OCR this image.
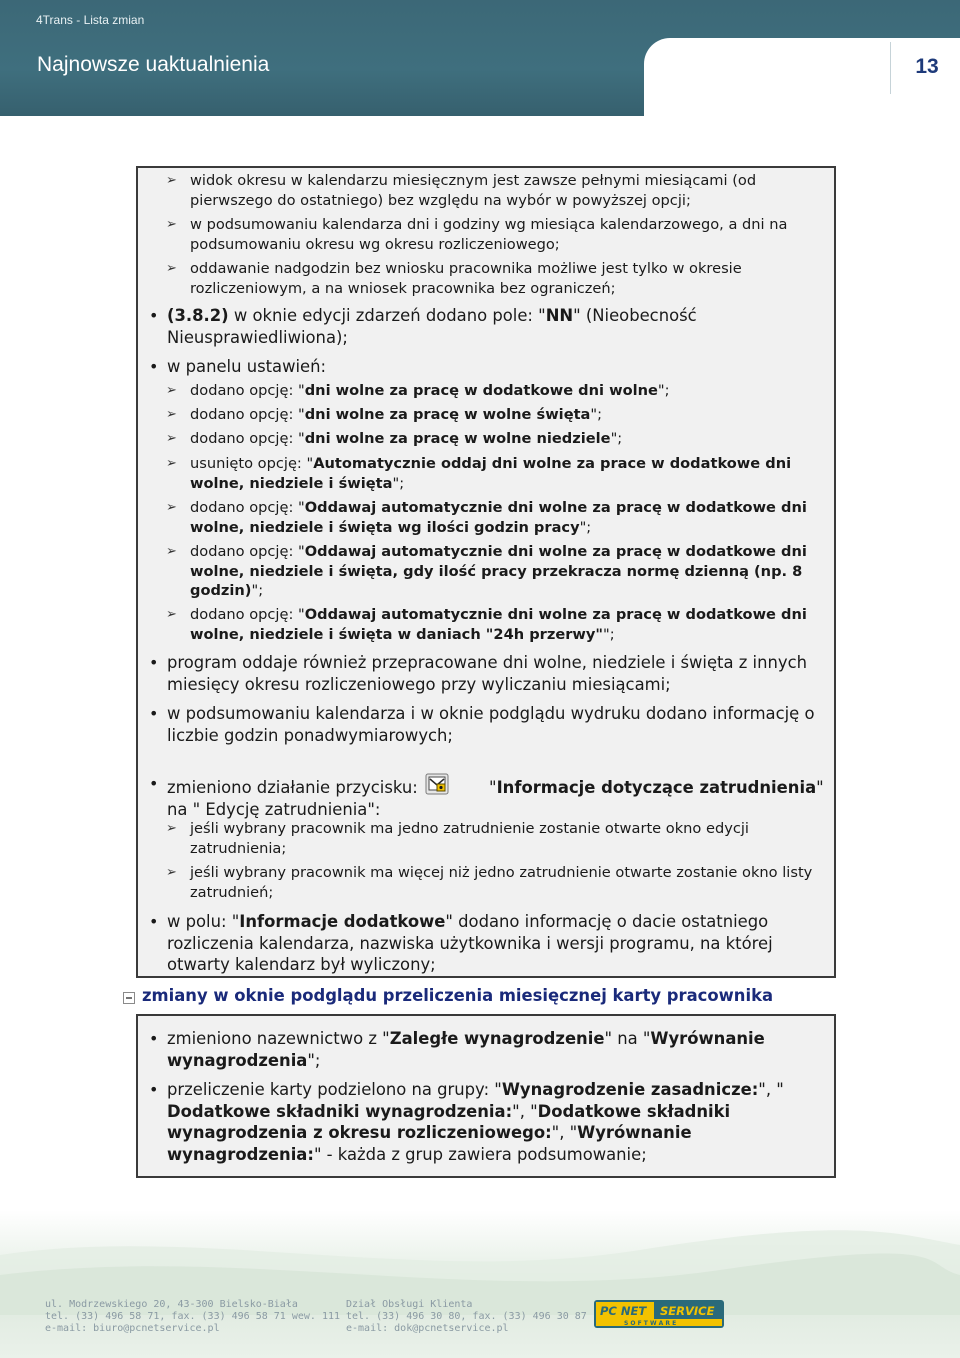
4Trans - Lista zmian
Najnowsze uaktualnienia	13
➢ widok okresu w kalendarzu miesięcznym jest zawsze pełnymi miesiącami (od pierwszego do ostatniego) bez względu na wybór w powyższej opcji;
➢ w podsumowaniu kalendarza dni i godziny wg miesiąca kalendarzowego, a dni na podsumowaniu okresu wg okresu rozliczeniowego;
➢ oddawanie nadgodzin bez wniosku pracownika możliwe jest tylko w okresie rozliczeniowym, a na wniosek pracownika bez ograniczeń;
• (3.8.2) w oknie edycji zdarzeń dodano pole: "NN" (Nieobecność Nieusprawiedliwiona);
• w panelu ustawień:
➢ dodano opcję: "dni wolne za pracę w dodatkowe dni wolne";
➢ dodano opcję: "dni wolne za pracę w wolne święta";
➢ dodano opcję: "dni wolne za pracę w wolne niedziele";
➢ usunięto opcję: "Automatycznie oddaj dni wolne za prace w dodatkowe dni wolne, niedziele i święta";
➢ dodano opcję: "Oddawaj automatycznie dni wolne za pracę w dodatkowe dni wolne, niedziele i święta wg ilości godzin pracy";
➢ dodano opcję: "Oddawaj automatycznie dni wolne za pracę w dodatkowe dni wolne, niedziele i święta, gdy ilość pracy przekracza normę dzienną (np. 8 godzin)";
➢ dodano opcję: "Oddawaj automatycznie dni wolne za pracę w dodatkowe dni wolne, niedziele i święta w daniach "24h przerwy"";
• program oddaje również przepracowane dni wolne, niedziele i święta z innych miesięcy okresu rozliczeniowego przy wyliczaniu miesiącami;
• w podsumowaniu kalendarza i w oknie podglądu wydruku dodano informację o liczbie godzin ponadwymiarowych;
• zmieniono działanie przycisku:	"Informacje dotyczące zatrudnienia" na " Edycję zatrudnienia":
➢ jeśli wybrany pracownik ma jedno zatrudnienie zostanie otwarte okno edycji zatrudnienia;
➢ jeśli wybrany pracownik ma więcej niż jedno zatrudnienie otwarte zostanie okno listy zatrudnień;
• w polu: "Informacje dodatkowe" dodano informację o dacie ostatniego rozliczenia kalendarza, nazwiska użytkownika i wersji programu, na której otwarty kalendarz był wyliczony;
zmiany w oknie podglądu przeliczenia miesięcznej karty pracownika
• zmieniono nazewnictwo z "Zaległe wynagrodzenie" na "Wyrównanie wynagrodzenia";
• przeliczenie karty podzielono na grupy: "Wynagrodzenie zasadnicze:", " Dodatkowe składniki wynagrodzenia:", "Dodatkowe składniki wynagrodzenia z okresu rozliczeniowego:", "Wyrównanie wynagrodzenia:" - każda z grup zawiera podsumowanie;
ul. Modrzewskiego 20, 43-300 Bielsko-Biała
tel. (33) 496 58 71, fax. (33) 496 58 71 wew. 111
e-mail: biuro@pcnetservice.pl
Dział Obsługi Klienta
tel. (33) 496 30 80, fax. (33) 496 30 87
e-mail: dok@pcnetservice.pl
PC NET SERVICE
S O F T W A R E
